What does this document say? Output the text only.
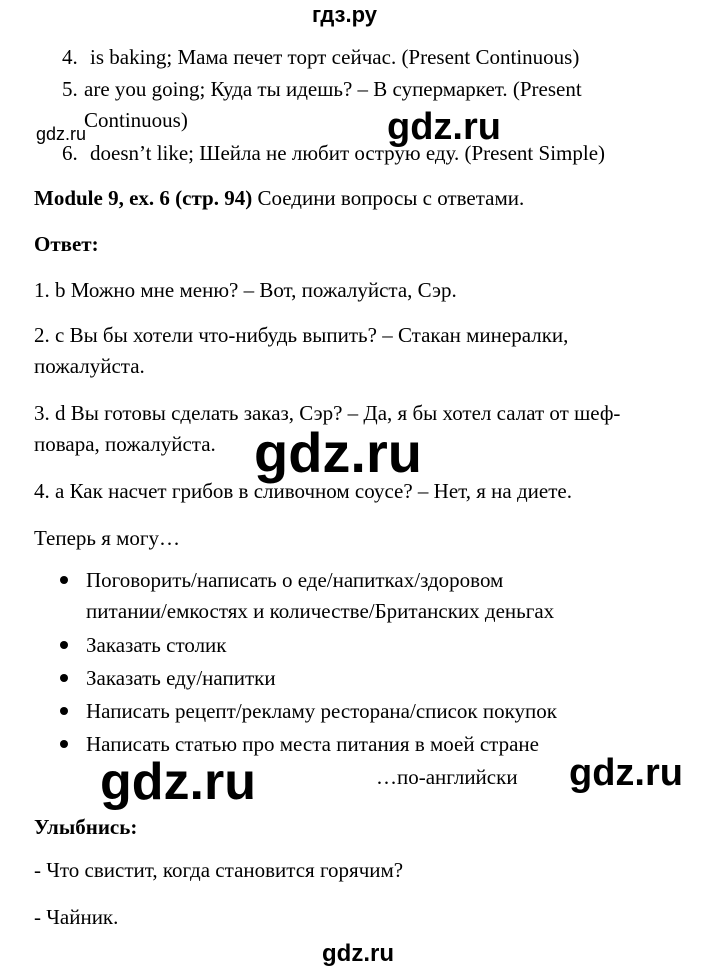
гдз.ру
4. is baking; Мама печет торт сейчас. (Present Continuous)
5. are you going; Куда ты идешь? – В супермаркет. (Present
Continuous)
gdz.ru	gdz.ru
6. doesn’t like; Шейла не любит острую еду. (Present Simple)
Module 9, ex. 6 (стр. 94) Соедини вопросы с ответами.
Ответ:
1. b Можно мне меню? – Вот, пожалуйста, Сэр.
2. c Вы бы хотели что-нибудь выпить? – Стакан минералки,
пожалуйста.
3. d Вы готовы сделать заказ, Сэр? – Да, я бы хотел салат от шеф-
повара, пожалуйста. gdz.ru
4. a Как насчет грибов в сливочном соусе? – Нет, я на диете.
Теперь я могу…
Поговорить/написать о еде/напитках/здоровом
питании/емкостях и количестве/Британских деньгах
Заказать столик
Заказать еду/напитки
Написать рецепт/рекламу ресторана/список покупок
Написать статью про места питания в моей стране
gdz.ru	…по-английски gdz.ru
Улыбнись:
- Что свистит, когда становится горячим?
- Чайник.
gdz.ru
